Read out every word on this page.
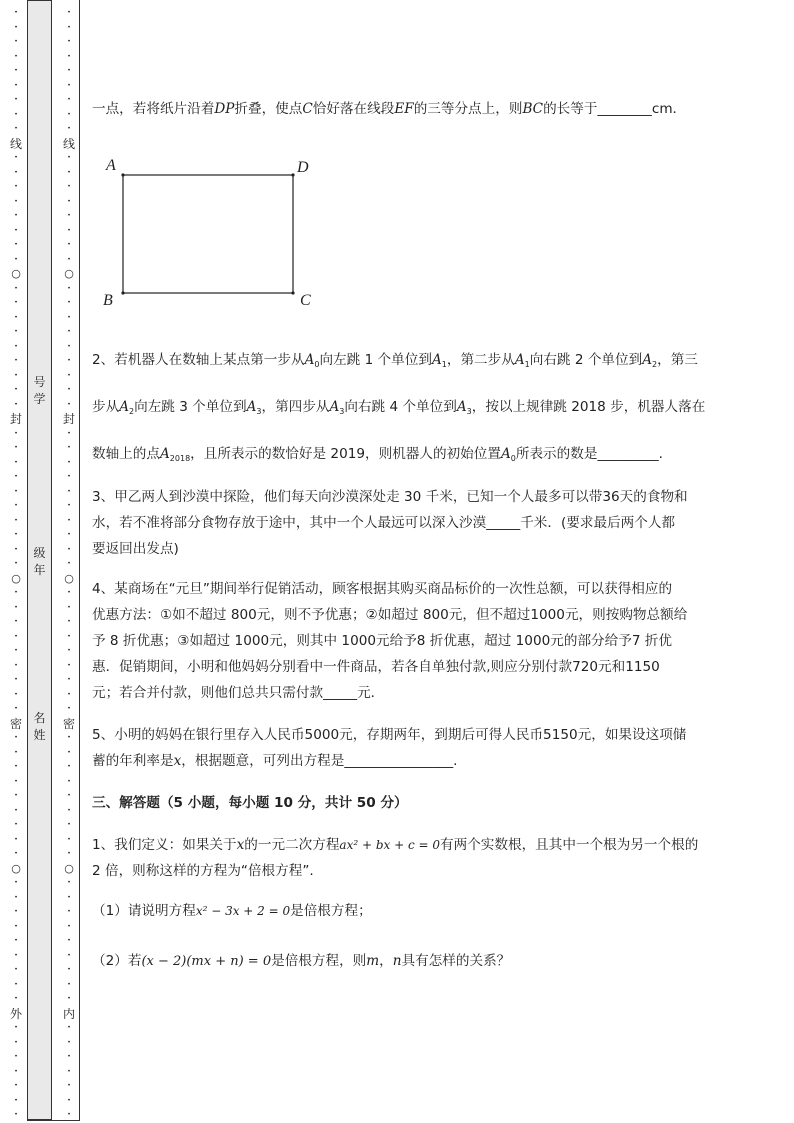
•
•
•
•
•
•
•
•
•
线
•
•
•
•
•
•
•
•
○
•
•
•
•
•
•
•
•
•
封
•
•
•
•
•
•
•
•
•
•
○
•
•
•
•
•
•
•
•
•
密
•
•
•
•
•
•
•
•
•
○
•
•
•
•
•
•
•
•
•
外
•
•
•
•
•
•
•
•
•
•
•
•
•
•
•
•
线
•
•
•
•
•
•
•
•
○
•
•
•
•
•
•
•
•
•
封
•
•
•
•
•
•
•
•
•
•
○
•
•
•
•
•
•
•
•
•
密
•
•
•
•
•
•
•
•
•
○
•
•
•
•
•
•
•
•
•
内
•
•
•
•
•
•
•
号
学
级
年
名
姓

一点，若将纸片沿着DP折叠，使点C恰好落在线段EF的三等分点上，则BC的长等于________cm．

A	D
B	C

2、若机器人在数轴上某点第一步从$A_0$向左跳 1 个单位到$A_1$，第二步从$A_1$向右跳 2 个单位到$A_2$，第三

步从$A_2$向左跳 3 个单位到$A_3$，第四步从$A_3$向右跳 4 个单位到$A_3$，按以上规律跳 2018 步，机器人落在

数轴上的点$A_{2018}$，且所表示的数恰好是 2019，则机器人的初始位置$A_0$所表示的数是_________.

3、甲乙两人到沙漠中探险，他们每天向沙漠深处走 30 千米，已知一个人最多可以带36天的食物和

水，若不准将部分食物存放于途中，其中一个人最远可以深入沙漠_____千米．(要求最后两个人都

要返回出发点)

4、某商场在“元旦”期间举行促销活动，顾客根据其购买商品标价的一次性总额，可以获得相应的

优惠方法：①如不超过 800元，则不予优惠；②如超过 800元，但不超过1000元，则按购物总额给

予 8 折优惠；③如超过 1000元，则其中 1000元给予8 折优惠，超过 1000元的部分给予7 折优

惠．促销期间，小明和他妈妈分别看中一件商品，若各自单独付款,则应分别付款720元和1150

元；若合并付款，则他们总共只需付款_____元．

5、小明的妈妈在银行里存入人民币5000元，存期两年，到期后可得人民币5150元，如果设这项储

蓄的年利率是x，根据题意，可列出方程是________________.

三、解答题（5 小题，每小题 10 分，共计 50 分）

1、我们定义：如果关于x的一元二次方程ax² + bx + c = 0有两个实数根，且其中一个根为另一个根的

2 倍，则称这样的方程为“倍根方程”.

（1）请说明方程x² − 3x + 2 = 0是倍根方程；

（2）若(x − 2)(mx + n) = 0是倍根方程，则m，n具有怎样的关系？
